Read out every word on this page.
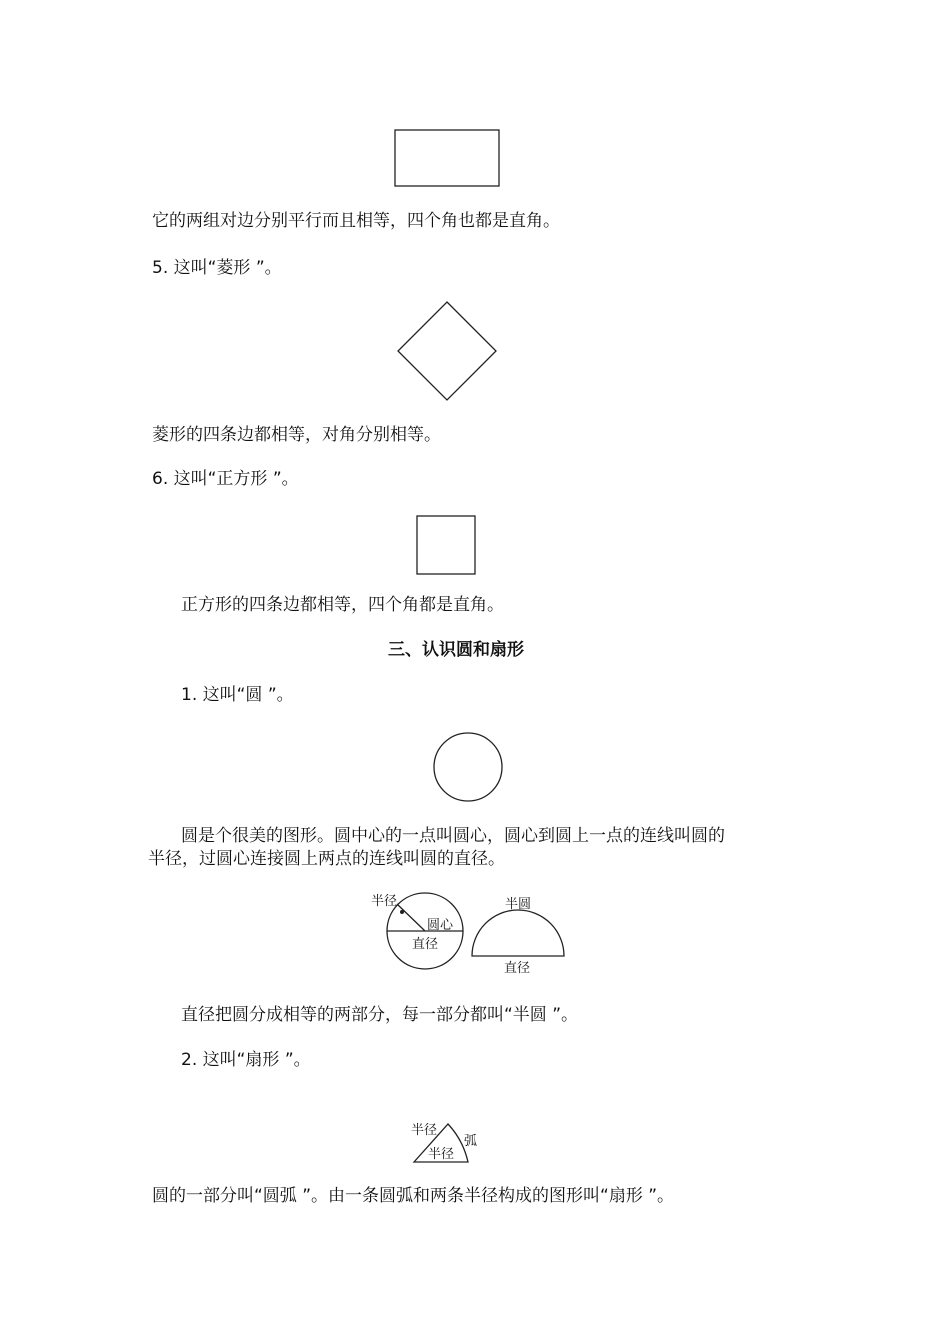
它的两组对边分别平行而且相等，四个角也都是直角。
5. 这叫“菱形 ”。
菱形的四条边都相等，对角分别相等。
6. 这叫“正方形 ”。
正方形的四条边都相等，四个角都是直角。
三、认识圆和扇形
1. 这叫“圆 ”。
圆是个很美的图形。圆中心的一点叫圆心，圆心到圆上一点的连线叫圆的
半径，过圆心连接圆上两点的连线叫圆的直径。
半径
圆心
直径
半圆
直径
直径把圆分成相等的两部分，每一部分都叫“半圆 ”。
2. 这叫“扇形 ”。
半径
半径
弧
圆的一部分叫“圆弧 ”。由一条圆弧和两条半径构成的图形叫“扇形 ”。
